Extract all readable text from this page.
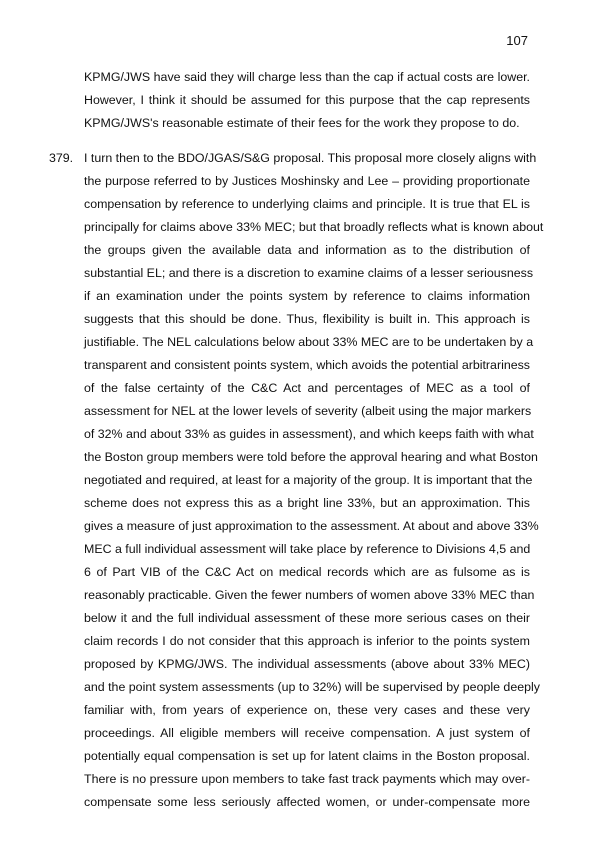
107
KPMG/JWS have said they will charge less than the cap if actual costs are lower.
However, I think it should be assumed for this purpose that the cap represents
KPMG/JWS's reasonable estimate of their fees for the work they propose to do.
379. I turn then to the BDO/JGAS/S&G proposal. This proposal more closely aligns with
the purpose referred to by Justices Moshinsky and Lee – providing proportionate
compensation by reference to underlying claims and principle. It is true that EL is
principally for claims above 33% MEC; but that broadly reflects what is known about
the groups given the available data and information as to the distribution of
substantial EL; and there is a discretion to examine claims of a lesser seriousness
if an examination under the points system by reference to claims information
suggests that this should be done. Thus, flexibility is built in. This approach is
justifiable. The NEL calculations below about 33% MEC are to be undertaken by a
transparent and consistent points system, which avoids the potential arbitrariness
of the false certainty of the C&C Act and percentages of MEC as a tool of
assessment for NEL at the lower levels of severity (albeit using the major markers
of 32% and about 33% as guides in assessment), and which keeps faith with what
the Boston group members were told before the approval hearing and what Boston
negotiated and required, at least for a majority of the group. It is important that the
scheme does not express this as a bright line 33%, but an approximation. This
gives a measure of just approximation to the assessment. At about and above 33%
MEC a full individual assessment will take place by reference to Divisions 4,5 and
6 of Part VIB of the C&C Act on medical records which are as fulsome as is
reasonably practicable. Given the fewer numbers of women above 33% MEC than
below it and the full individual assessment of these more serious cases on their
claim records I do not consider that this approach is inferior to the points system
proposed by KPMG/JWS. The individual assessments (above about 33% MEC)
and the point system assessments (up to 32%) will be supervised by people deeply
familiar with, from years of experience on, these very cases and these very
proceedings. All eligible members will receive compensation. A just system of
potentially equal compensation is set up for latent claims in the Boston proposal.
There is no pressure upon members to take fast track payments which may over-
compensate some less seriously affected women, or under-compensate more
